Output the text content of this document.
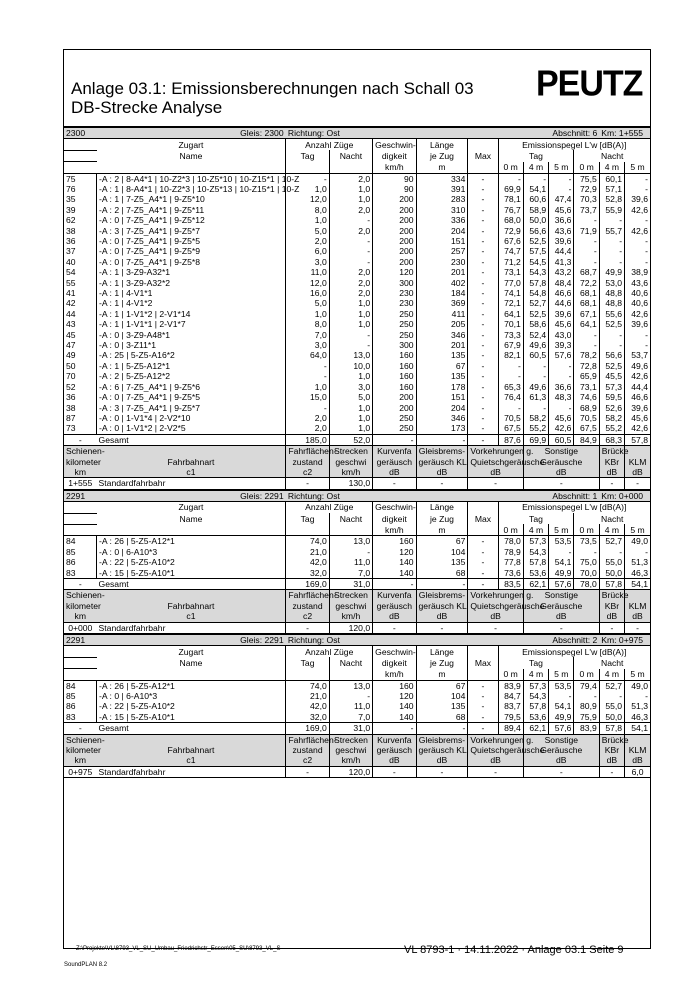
Anlage 03.1: Emissionsberechnungen nach Schall 03
DB-Strecke Analyse
PEUTZ
2300 Gleis: 2300		Richtung: Ost				Abschnitt: 6					Km: 1+555	
	Zugart	Anzahl Züge		Geschwin-	Länge		Emissionspegel L'w [dB(A)]					
	Name	Tag	Nacht	digkeit	je Zug	Max	Tag			Nacht		
				km/h	m		0 m	4 m	5 m	0 m	4 m	5 m
75	-A : 2 | 8-A4*1 | 10-Z2*3 | 10-Z5*10 | 10-Z15*1 | 10-Z	-	2,0	90	334	-	-	-	-	75,5	60,1	-
76	-A : 1 | 8-A4*1 | 10-Z2*3 | 10-Z5*13 | 10-Z15*1 | 10-Z	1,0	1,0	90	391	-	69,9	54,1	-	72,9	57,1	-
35	-A : 1 | 7-Z5_A4*1 | 9-Z5*10	12,0	1,0	200	283	-	78,1	60,6	47,4	70,3	52,8	39,6
39	-A : 2 | 7-Z5_A4*1 | 9-Z5*11	8,0	2,0	200	310	-	76,7	58,9	45,6	73,7	55,9	42,6
62	-A : 0 | 7-Z5_A4*1 | 9-Z5*12	1,0	-	200	336	-	68,0	50,0	36,6	-	-	-
38	-A : 3 | 7-Z5_A4*1 | 9-Z5*7	5,0	2,0	200	204	-	72,9	56,6	43,6	71,9	55,7	42,6
36	-A : 0 | 7-Z5_A4*1 | 9-Z5*5	2,0	-	200	151	-	67,6	52,5	39,6	-	-	-
37	-A : 0 | 7-Z5_A4*1 | 9-Z5*9	6,0	-	200	257	-	74,7	57,5	44,4	-	-	-
40	-A : 0 | 7-Z5_A4*1 | 9-Z5*8	3,0	-	200	230	-	71,2	54,5	41,3	-	-	-
54	-A : 1 | 3-Z9-A32*1	11,0	2,0	120	201	-	73,1	54,3	43,2	68,7	49,9	38,9
55	-A : 1 | 3-Z9-A32*2	12,0	2,0	300	402	-	77,0	57,8	48,4	72,2	53,0	43,6
41	-A : 1 | 4-V1*1	16,0	2,0	230	184	-	74,1	54,8	46,6	68,1	48,8	40,6
42	-A : 1 | 4-V1*2	5,0	1,0	230	369	-	72,1	52,7	44,6	68,1	48,8	40,6
44	-A : 1 | 1-V1*2 | 2-V1*14	1,0	1,0	250	411	-	64,1	52,5	39,6	67,1	55,6	42,6
43	-A : 1 | 1-V1*1 | 2-V1*7	8,0	1,0	250	205	-	70,1	58,6	45,6	64,1	52,5	39,6
45	-A : 0 | 3-Z9-A48*1	7,0	-	250	346	-	73,3	52,4	43,0	-	-	-
47	-A : 0 | 3-Z11*1	3,0	-	300	201	-	67,9	49,6	39,3	-	-	-
49	-A : 25 | 5-Z5-A16*2	64,0	13,0	160	135	-	82,1	60,5	57,6	78,2	56,6	53,7
50	-A : 1 | 5-Z5-A12*1	-	10,0	160	67	-	-	-	-	72,8	52,5	49,6
70	-A : 2 | 5-Z5-A12*2	-	1,0	160	135	-	-	-	-	65,9	45,5	42,6
52	-A : 6 | 7-Z5_A4*1 | 9-Z5*6	1,0	3,0	160	178	-	65,3	49,6	36,6	73,1	57,3	44,4
36	-A : 0 | 7-Z5_A4*1 | 9-Z5*5	15,0	5,0	200	151	-	76,4	61,3	48,3	74,6	59,5	46,6
38	-A : 3 | 7-Z5_A4*1 | 9-Z5*7	-	1,0	200	204	-	-	-	-	68,9	52,6	39,6
87	-A : 0 | 1-V1*4 | 2-V2*10	2,0	1,0	250	346	-	70,5	58,2	45,6	70,5	58,2	45,6
73	-A : 0 | 1-V1*2 | 2-V2*5	2,0	1,0	250	173	-	67,5	55,2	42,6	67,5	55,2	42,6
-	Gesamt	185,0	52,0	-	-	-	87,6	69,9	60,5	84,9	68,3	57,8
Schienen-		Fahrflächen-	Strecken	Kurvenfa	Gleisbrems-	Vorkehrungen g.		Sonstige			Brücke	
kilometer	Fahrbahnart	zustand	geschwi	geräusch	geräusch KL	Quietschgeräusche		Geräusche			KBr	KLM
km	c1	c2	km/h	dB	dB	dB		dB			dB	dB
1+555	Standardfahrbahr	-	130,0	-	-	-		-			-	-
2291 Gleis: 2291		Richtung: Ost				Abschnitt: 1					Km: 0+000	
	Zugart	Anzahl Züge		Geschwin-	Länge		Emissionspegel L'w [dB(A)]					
	Name	Tag	Nacht	digkeit	je Zug	Max	Tag			Nacht		
				km/h	m		0 m	4 m	5 m	0 m	4 m	5 m
84	-A : 26 | 5-Z5-A12*1	74,0	13,0	160	67	-	78,0	57,3	53,5	73,5	52,7	49,0
85	-A : 0 | 6-A10*3	21,0	-	120	104	-	78,9	54,3	-	-	-	-
86	-A : 22 | 5-Z5-A10*2	42,0	11,0	140	135	-	77,8	57,8	54,1	75,0	55,0	51,3
83	-A : 15 | 5-Z5-A10*1	32,0	7,0	140	68	-	73,6	53,6	49,9	70,0	50,0	46,3
-	Gesamt	169,0	31,0	-	-	-	83,5	62,1	57,6	78,0	57,8	54,1
Schienen-		Fahrflächen-	Strecken	Kurvenfa	Gleisbrems-	Vorkehrungen g.		Sonstige			Brücke	
kilometer	Fahrbahnart	zustand	geschwi	geräusch	geräusch KL	Quietschgeräusche		Geräusche			KBr	KLM
km	c1	c2	km/h	dB	dB	dB		dB			dB	dB
0+000	Standardfahrbahr	-	120,0	-	-	-		-			-	-
2291 Gleis: 2291		Richtung: Ost				Abschnitt: 2					Km: 0+975	
	Zugart	Anzahl Züge		Geschwin-	Länge		Emissionspegel L'w [dB(A)]					
	Name	Tag	Nacht	digkeit	je Zug	Max	Tag			Nacht		
				km/h	m		0 m	4 m	5 m	0 m	4 m	5 m
84	-A : 26 | 5-Z5-A12*1	74,0	13,0	160	67	-	83,9	57,3	53,5	79,4	52,7	49,0
85	-A : 0 | 6-A10*3	21,0	-	120	104	-	84,7	54,3	-	-	-	-
86	-A : 22 | 5-Z5-A10*2	42,0	11,0	140	135	-	83,7	57,8	54,1	80,9	55,0	51,3
83	-A : 15 | 5-Z5-A10*1	32,0	7,0	140	68	-	79,5	53,6	49,9	75,9	50,0	46,3
-	Gesamt	169,0	31,0	-	-	-	89,4	62,1	57,6	83,9	57,8	54,1
Schienen-		Fahrflächen-	Strecken	Kurvenfa	Gleisbrems-	Vorkehrungen g.		Sonstige			Brücke	
kilometer	Fahrbahnart	zustand	geschwi	geräusch	geräusch KL	Quietschgeräusche		Geräusche			KBr	KLM
km	c1	c2	km/h	dB	dB	dB		dB			dB	dB
0+975	Standardfahrbahr	-	120,0	-	-	-		-			-	6,0
Z:\Projekte\VL\8793_VL_SU_Umbau_Friedrichstr_Essen\05_SU\8793_VL_S
SoundPLAN 8.2
VL 8793-1 · 14.11.2022 · Anlage 03.1 Seite 9
